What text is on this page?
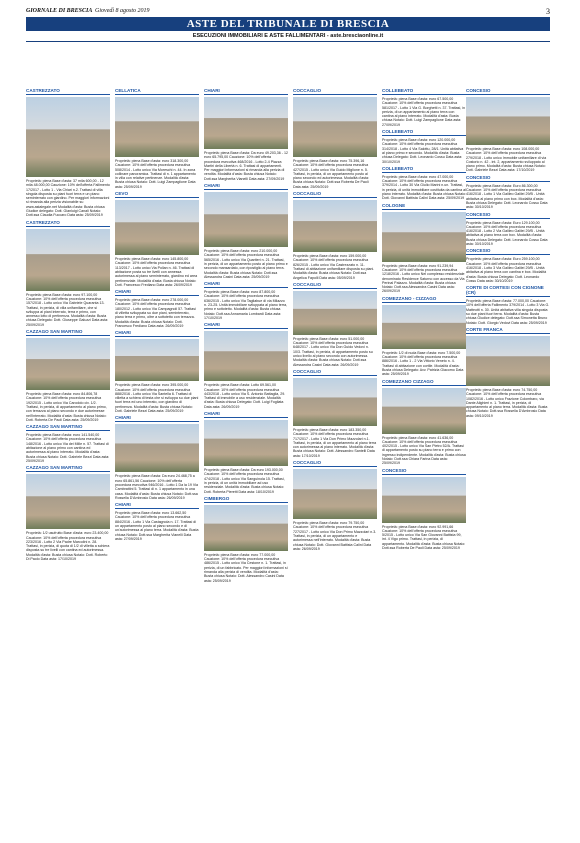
GIORNALE DI BRESCIA Giovedì 8 agosto 2019	3
ASTE DEL TRIBUNALE DI BRESCIA
ESECUZIONI IMMOBILIARI E ASTE FALLIMENTARI - aste.bresciaonline.it
CASTREZZATO
Proprietà: piena Base d'asta: 37 mila 600,00 - 12 mila 48.000,00 Cauzione: 10% dell'offerta Fallimento 17/2017 - Lotto 1 - Via Chiari n.2. Trattasi di villa singola disposta su piani fuori terra e un piano seminterrato con giardino. Per maggiori informazioni si rimanda alla perizia visionabile su www.astalegale.net Modalità d'asta: Busta chiusa Giudice delegato: Dott. Gianluigi Canali Notaio: Dott.ssa Claudia Fuccaro Data asta: 25/09/2019
CASTREZZATO
Proprietà: piena Base d'asta: euro 97.100,00 Cauzione: 10% dell'offerta procedura esecutiva 157/2018 - Lotto unico Via Gabriele Quaranta 13. Trattasi, in perizia, di villa unifamiliare, che si sviluppa ai piani interrato, terra e primo, con annesso lotto di pertinenza. Modalità d'asta: Busta chiusa Delegato: Dott. Giuseppe Galuzzi Data asta: 25/09/2019
CAZZAGO SAN MARTINO
Proprietà: piena Base d'asta: euro 84.806,78 Cauzione: 10% dell'offerta procedura esecutiva 192/2015 - Lotto unico Via Carodolo civ. 1/2. Trattasi, in perizia, di appartamento al piano primo, con terrazza al piano secondo e due autorimesse nell'interrato. Modalità d'asta: Busta chiusa Notaio: Dott. Roberta De Paoli Data asta: 25/09/2019
CAZZAGO SAN MARTINO
Proprietà: piena Base d'asta: euro 141.540,00 Cauzione: 10% dell'offerta procedura esecutiva 148/2016 - Lotto unico Via dei Mille n. 57. Trattasi di abitazione al piano primo con cantina ed autorimessa al piano interrato. Modalità d'asta: Busta chiusa Notaio: Dott. Gabriele Bezzi Data asta: 25/09/2019
CAZZAGO SAN MARTINO
Proprietà: 1/2 usufrutto Base d'asta: euro 23.400,00 Cauzione: 10% dell'offerta procedura esecutiva 223/2016 - Lotto 2 Via Padre Marcolini n. 28. Trattasi, in perizia, di quota di 1/2 di villetta a schiera disposta su tre livelli con cantina ed autorimessa. Modalità d'asta: Busta chiusa Notaio: Dott. Roberto Di Paolo Data asta: 17/10/2019
CELLATICA
Proprietà: piena Base d'asta: euro 318.300,00 Cauzione: 10% dell'offerta procedura esecutiva 508/2014 - Lotto unico Via Moreschi n. 44. In zona collinare panoramica. Trattasi di n. 1 appartamento in villa con relative pertinenze. Modalità d'asta: Busta chiusa Notaio: Dott. Luigi Zampaglione Data asta: 25/09/2019
CEVO
Proprietà: piena Base d'asta: euro 145.800,00 Cauzione: 10% dell'offerta procedura esecutiva 113/2017 - Lotto unico Via Pollan n. 46. Trattasi di abitazione posta su tre livelli con annessa autorimessa al piano seminterrato, giardino ed area pertinenziale. Modalità d'asta: Busta chiusa Notaio: Dott. Francesco Frediano Data asta: 26/09/2019
CHIARI
Proprietà: piena Base d'asta: euro 278.000,00 Cauzione: 10% dell'offerta procedura esecutiva 180/2012 - Lotto unico Via Campagnoli 57. Trattasi di villetta sviluppata su due piani, seminterrato, piano terra e primo, oltre a sottotetto con terrazza. Modalità d'asta: Busta chiusa Notaio: Dott. Francesco Frediano Data asta: 26/09/2019
CHIARI
Proprietà: piena Base d'asta: euro 395.000,00 Cauzione: 10% dell'offerta procedura esecutiva 888/2016 - Lotto unico Via Santella 6. Trattasi di villetta a schiera di testa che si sviluppa su due piani fuori terra ed uno interrato, con giardino di pertinenza. Modalità d'asta: Busta chiusa Notaio: Dott. Gabriele Bezzi Data asta: 25/09/2019
CHIARI
Proprietà: piena Base d'asta: Da euro 24.468,75 a euro 65.861,56 Cauzione: 10% dell'offerta procedura esecutiva 946/2016 - Lotto 1 Da la 19 Via Cambrattini 5. Trattasi di n. 1 appartamento in una casa. Modalità d'asta: Busta chiusa Notaio: Dott.ssa Rossella D'Ambrosio Data asta: 26/09/2019
CHIARI
Proprietà: piena Base d'asta: euro 13.662,50 Cauzione: 10% dell'offerta procedura esecutiva 884/2016 - Lotto 1 Via Castagnola n. 17. Trattasi di un appartamento posto al piano secondo e di un'autorimessa al piano terra. Modalità d'asta: Busta chiusa Notaio: Dott.ssa Margherita Vianelli Data asta: 27/09/2019
CHIARI
Proprietà: piena Base d'asta: Da euro 49.203,36 - 12 euro 65.795,00 Cauzione: 10% dell'offerta procedura esecutiva 468/2016 - Lotto 2-4 Piazza Martiri della Libertà n. 6. Trattasi di appartamenti. Per maggiori informazioni si rimanda alla perizia di vendita. Modalità d'asta: Busta chiusa Notaio: Dott.ssa Margherita Vianelli Data asta: 27/09/2019
CHIARI
Proprietà: piena Base d'asta: euro 210.000,00 Cauzione: 10% dell'offerta procedura esecutiva 565/2016 - Lotto unico Via Quartieri n. 21. Trattasi, in perizia, di un appartamento posto al piano primo e secondo mansardato, con ripostiglio al piano terra. Modalità d'asta: Busta chiusa Notaio: Dott.ssa Alessandra Casini Data asta: 25/09/2019
CHIARI
Proprietà: piena Base d'asta: euro 87.800,00 Cauzione: 10% dell'offerta procedura esecutiva 636/2015 - Lotto unico Via Tagliabue di via Milazzo n. 23-25. Unità immobiliare sviluppata al piano terra, primo e sottotetto. Modalità d'asta: Busta chiusa Notaio: Dott.ssa Annamaria Lombardi Data asta: 17/10/2019
CHIARI
Proprietà: piena Base d'asta: Lotto 69.561,00 Cauzione: 10% dell'offerta procedura esecutiva 443/2018 - Lotto unico Via S. Antonio Battaglia, 29. Trattasi di immobile a uso residenziale. Modalità d'asta: Busta chiusa Delegato: Dott. Luigi Fogliata Data asta: 26/09/2019
CHIARI
Proprietà: piena Base d'asta: Da euro 193.000,00 Cauzione: 10% dell'offerta procedura esecutiva 474/2018 - Lotto unico Via Sanguinola 15. Trattasi, in perizia, di un unità immobiliare ad uso residenziale. Modalità d'asta: Busta chiusa Notaio: Dott. Roberta Pieretti Data asta: 18/10/2019
CIMBERGO
Proprietà: piena Base d'asta: euro 77.000,00 Cauzione: 10% dell'offerta procedura esecutiva 486/2015 - Lotto unico Via Cestone n. 1. Trattasi, in perizia, di un fabbricato. Per maggiori informazioni si rimanda alla perizia di vendita. Modalità d'asta: Busta chiusa Notaio: Dott. Alessandro Casini Data asta: 25/09/2019
COCCAGLIO
Proprietà: piena Base d'asta: euro 75.396,16 Cauzione: 10% dell'offerta procedura esecutiva 427/2015 - Lotto unico Via Guido Miglione n. 5. Trattasi, in perizia, di un appartamento posto al piano secondo ed autorimessa. Modalità d'asta: Busta chiusa Notaio: Dott.ssa Roberta De Paoli Data asta: 25/09/2019
COCCAGLIO
Proprietà: piena Base d'asta: euro 159.000,00 Cauzione: 10% dell'offerta procedura esecutiva 826/2015 - Lotto unico Via Castrezzato n. 11. Trattasi di abitazione unifamiliare disposta su piani. Modalità d'asta: Busta chiusa Notaio: Dott.ssa Angelica Fapolli Data asta: 05/09/2019
COCCAGLIO
Proprietà: piena Base d'asta: euro 51.000,00 Cauzione: 10% dell'offerta procedura esecutiva 648/2017 - Lotto unico Via Don Guido Vedovi n. 10/3. Trattasi, in perizia, di appartamento posto su unico livello al piano secondo con autorimessa. Modalità d'asta: Busta chiusa Notaio: Dott.ssa Alessandra Casini Data asta: 26/09/2019
COCCAGLIO
Proprietà: piena Base d'asta: euro 183.350,00 Cauzione: 10% dell'offerta procedura esecutiva 717/2017 - Lotto 1 Via Don Primo Mazzolari n.1. Trattasi, in perizia, di un appartamento al piano terra con autorimessa al piano interrato. Modalità d'asta: Busta chiusa Notaio: Dott. Alessandro Santelli Data asta: 17/10/2019
COCCAGLIO
Proprietà: piena Base d'asta: euro 79.750,00 Cauzione: 10% dell'offerta procedura esecutiva 727/2017 - Lotto unico Via Don Primo Mazzolari n.3. Trattasi, in perizia, di un appartamento e autorimessa nell'interrato. Modalità d'asta: Busta chiusa Notaio: Dott. Giovanni Battista Calini Data asta: 26/09/2019
COLLEBEATO
Proprietà: piena Base d'asta: euro 67.500,00 Cauzione: 10% dell'offerta procedura esecutiva 581/2017 - Lotto 1 Via G. Borghetti n. 37. Trattasi, in perizia, di un appartamento al piano terra con cantina al piano interrato. Modalità d'asta: Busta chiusa Notaio: Dott. Luigi Zampaglione Data asta: 27/09/2019
COLLEBEATO
Proprietà: piena Base d'asta: euro 120.000,00 Cauzione: 10% dell'offerta procedura esecutiva 314/2018 - Lotto 4 Via Salottu, 28/1. Unità abitativa al piano primo e secondo. Modalità d'asta: Busta chiusa Delegato: Dott. Leonardo Cossu Data asta: 30/10/2019
COLLEBEATO
Proprietà: piena Base d'asta: euro 47.000,00 Cauzione: 10% dell'offerta procedura esecutiva 379/2014 - Lotto 30 Via Giulio Marini n.un. Trattasi, in perizia, di unità immobiliare costituita da cantina al piano interrato. Modalità d'asta: Busta chiusa Notaio: Dott. Giovanni Battista Calini Data asta: 25/09/2019
COLOGNE
Proprietà: piena Base d'asta: euro 91.239,94 Cauzione: 10% dell'offerta procedura esecutiva 1218/2016 - Lotto unico Nel complesso residenziale denominato Residence Saturno con accesso da Via Perinal Palazzo. Modalità d'asta: Busta chiusa Notaio: Dott.ssa Alessandra Casini Data asta: 26/09/2019
COMEZZANO - CIZZAGO
Proprietà: 1/2 di nuda Base d'asta: euro 7.500,00 Cauzione: 10% dell'offerta procedura esecutiva 886/2016 - Lotto 1 - 2 Via Vittorio Veneto n. 4. Trattasi di abitazione con cortile. Modalità d'asta: Busta chiusa Delegato: Avv. Patrizia Giacomo Data asta: 25/09/2019
COMEZZANO CIZZAGO
Proprietà: piena Base d'asta: euro 41.636,00 Cauzione: 10% dell'offerta procedura esecutiva 402/2015 - Lotto unico Via San Pietro 52/A. Trattasi di appartamento posto su piano terra e primo con ingresso indipendente. Modalità d'asta: Busta chiusa Notaio: Dott.ssa Chiara Farina Data asta: 25/09/2019
CONCESIO
Proprietà: piena Base d'asta: euro 92.991,66 Cauzione: 10% dell'offerta procedura esecutiva 5/2015 - Lotto unico Via San Giovanni Battista 99, int. 4 Vigo primo. Trattasi, in perizia, di appartamento. Modalità d'asta: Busta chiusa Notaio: Dott.ssa Roberta De Paoli Data asta: 25/09/2019
CONCESIO
Proprietà: piena Base d'asta: euro 108.000,00 Cauzione: 10% dell'offerta procedura esecutiva 279/2018 - Lotto unico Immobile unifamiliare di via Costorio n. 42 - int. 2, appartamento sviluppato al piano primo. Modalità d'asta: Busta chiusa Notaio: Dott. Gabriele Bezzi Data asta: 17/10/2019
CONCESIO
Proprietà: piena Base d'asta: Euro 86.300,00 Cauzione: 10% dell'offerta procedura esecutiva 416/2018 - Lotto 1 Via Galileo Galilei 29/B - Unità abitativa al piano primo con box. Modalità d'asta: Busta chiusa Delegato: Dott. Leonardo Cossu Data asta: 30/10/2019
CONCESIO
Proprietà: piena Base d'asta: Euro 129.100,00 Cauzione: 10% dell'offerta procedura esecutiva 416/2018 - Lotto 2 Via Galileo Galilei 29/B - Unità abitativa al piano terra con box. Modalità d'asta: Busta chiusa Delegato: Dott. Leonardo Cossu Data asta: 30/10/2019
CONCESIO
Proprietà: piena Base d'asta: Euro 259.100,00 Cauzione: 10% dell'offerta procedura esecutiva 416/2018 - Lotto 3 Via Galileo Galilei 29/B - Unità abitativa al piano terra con cantina e box. Modalità d'asta: Busta chiusa Delegato: Dott. Leonardo Cossu Data asta: 30/10/2019
CORTE DI CORTESI CON CIGNONE (CR)
Proprietà: piena Base d'asta: 77.000,00 Cauzione: 10% dell'offerta Fallimento 379/2014 - Lotto 3 Via G. Matteotti n. 30. Unità abitativa villa singola disposta su due piani fuori terra. Modalità d'asta: Busta chiusa Giudice delegato: Dott.ssa Simonetta Bruno Notaio: Dott. Giorgio Vedovi Data asta: 25/09/2019
CORTE FRANCA
Proprietà: piena Base d'asta: euro 74.750,00 Cauzione: 10% dell'offerta procedura esecutiva 1082/2016 - Lotto unico Frazione Colombaro, via Dante Alighieri n. 1. Trattasi, in perizia, di appartamento al piano terra. Modalità d'asta: Busta chiusa Notaio: Dott.ssa Rossella D'Ambrosio Data asta: 09/10/2019
